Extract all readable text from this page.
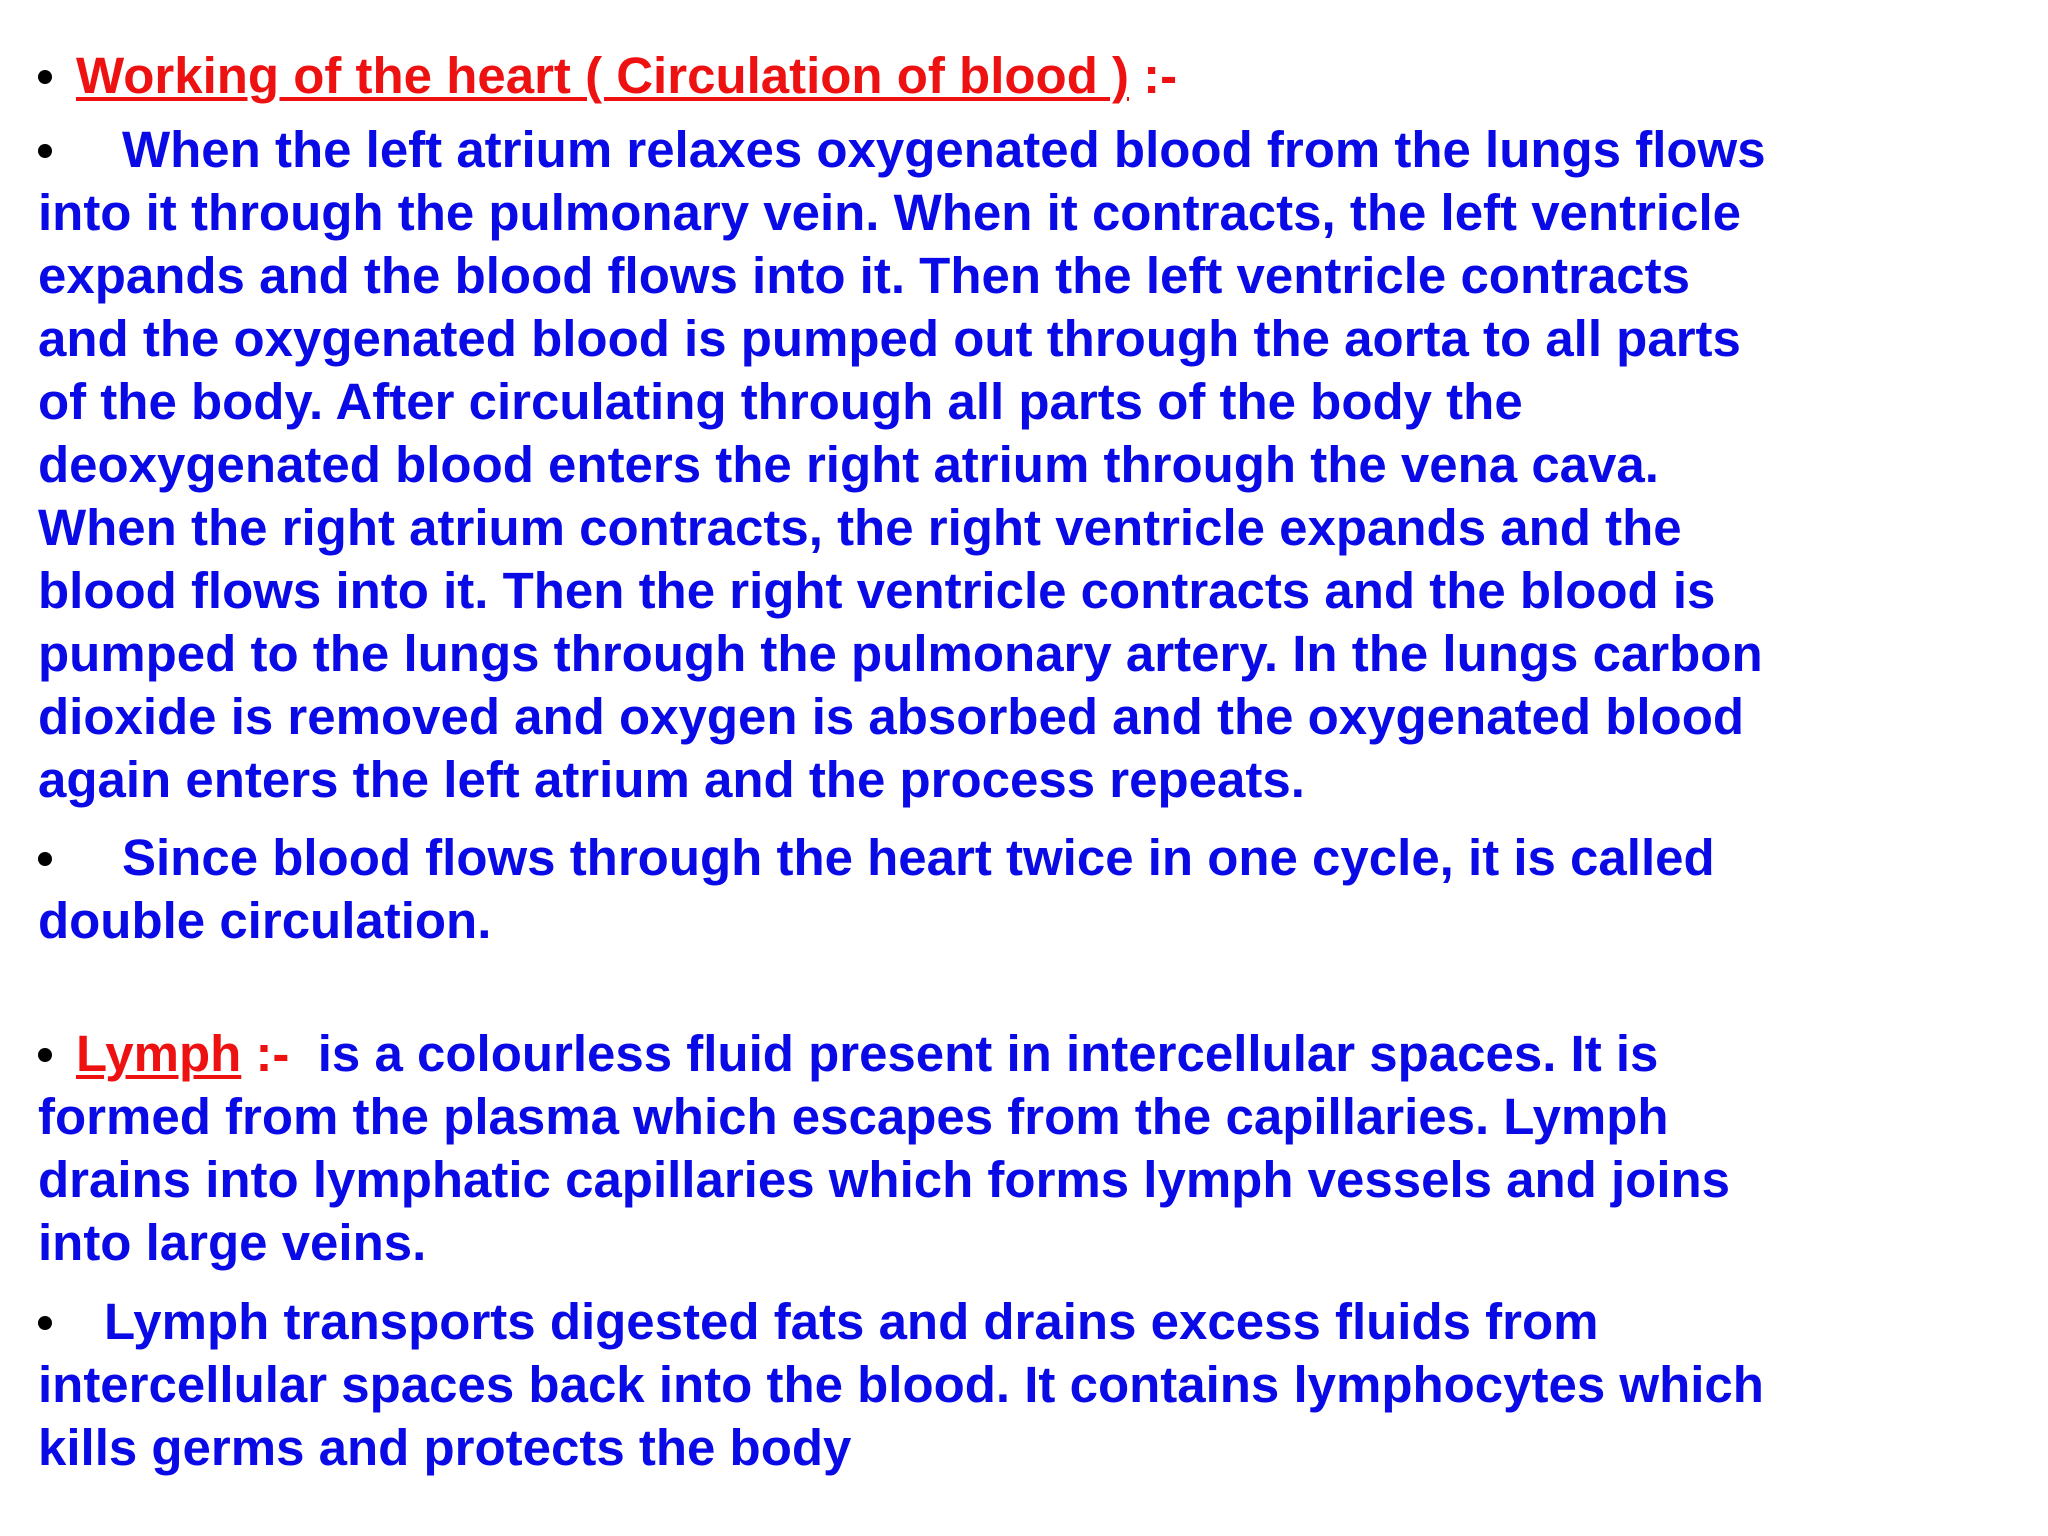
Working of the heart ( Circulation of blood ) :-

When the left atrium relaxes oxygenated blood from the lungs flows
into it through the pulmonary vein. When it contracts, the left ventricle
expands and the blood flows into it. Then the left ventricle contracts
and the oxygenated blood is pumped out through the aorta to all parts
of the body. After circulating through all parts of the body the
deoxygenated blood enters the right atrium through the vena cava.
When the right atrium contracts, the right ventricle expands and the
blood flows into it. Then the right ventricle contracts and the blood is
pumped to the lungs through the pulmonary artery. In the lungs carbon
dioxide is removed and oxygen is absorbed and the oxygenated blood
again enters the left atrium and the process repeats.

Since blood flows through the heart twice in one cycle, it is called
double circulation.

Lymph :- is a colourless fluid present in intercellular spaces. It is
formed from the plasma which escapes from the capillaries. Lymph
drains into lymphatic capillaries which forms lymph vessels and joins
into large veins.

Lymph transports digested fats and drains excess fluids from
intercellular spaces back into the blood. It contains lymphocytes which
kills germs and protects the body
